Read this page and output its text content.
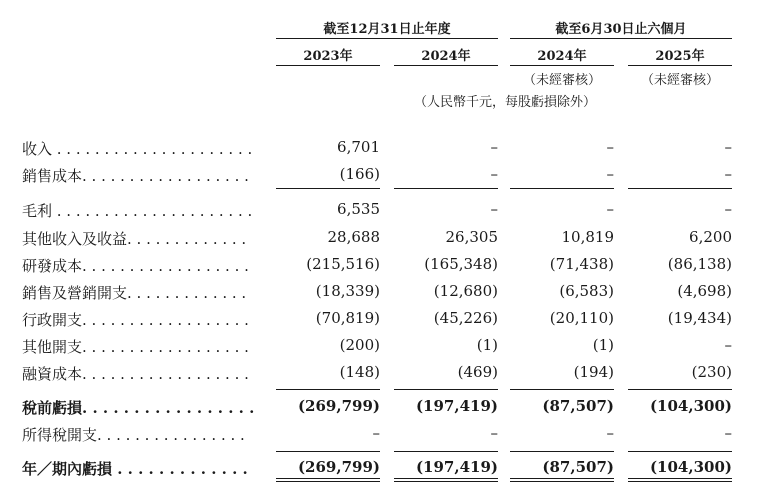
截至12月31日止年度	截至6月30日止六個月
2023年	2024年	2024年	2025年
（未經審核）	（未經審核）
（人民幣千元，每股虧損除外）
收入 . . . . . . . . . . . . . . . . . . . . .	6,701	–	–	–
銷售成本. . . . . . . . . . . . . . . . . .	(166)	–	–	–
毛利 . . . . . . . . . . . . . . . . . . . . .	6,535	–	–	–
其他收入及收益. . . . . . . . . . . . .	28,688	26,305	10,819	6,200
研發成本. . . . . . . . . . . . . . . . . .	(215,516)	(165,348)	(71,438)	(86,138)
銷售及營銷開支. . . . . . . . . . . . .	(18,339)	(12,680)	(6,583)	(4,698)
行政開支. . . . . . . . . . . . . . . . . .	(70,819)	(45,226)	(20,110)	(19,434)
其他開支. . . . . . . . . . . . . . . . . .	(200)	(1)	(1)	–
融資成本. . . . . . . . . . . . . . . . . .	(148)	(469)	(194)	(230)
稅前虧損. . . . . . . . . . . . . . . . .	(269,799)	(197,419)	(87,507)	(104,300)
所得稅開支. . . . . . . . . . . . . . . .	–	–	–	–
年／期內虧損 . . . . . . . . . . . . .	(269,799)	(197,419)	(87,507)	(104,300)
